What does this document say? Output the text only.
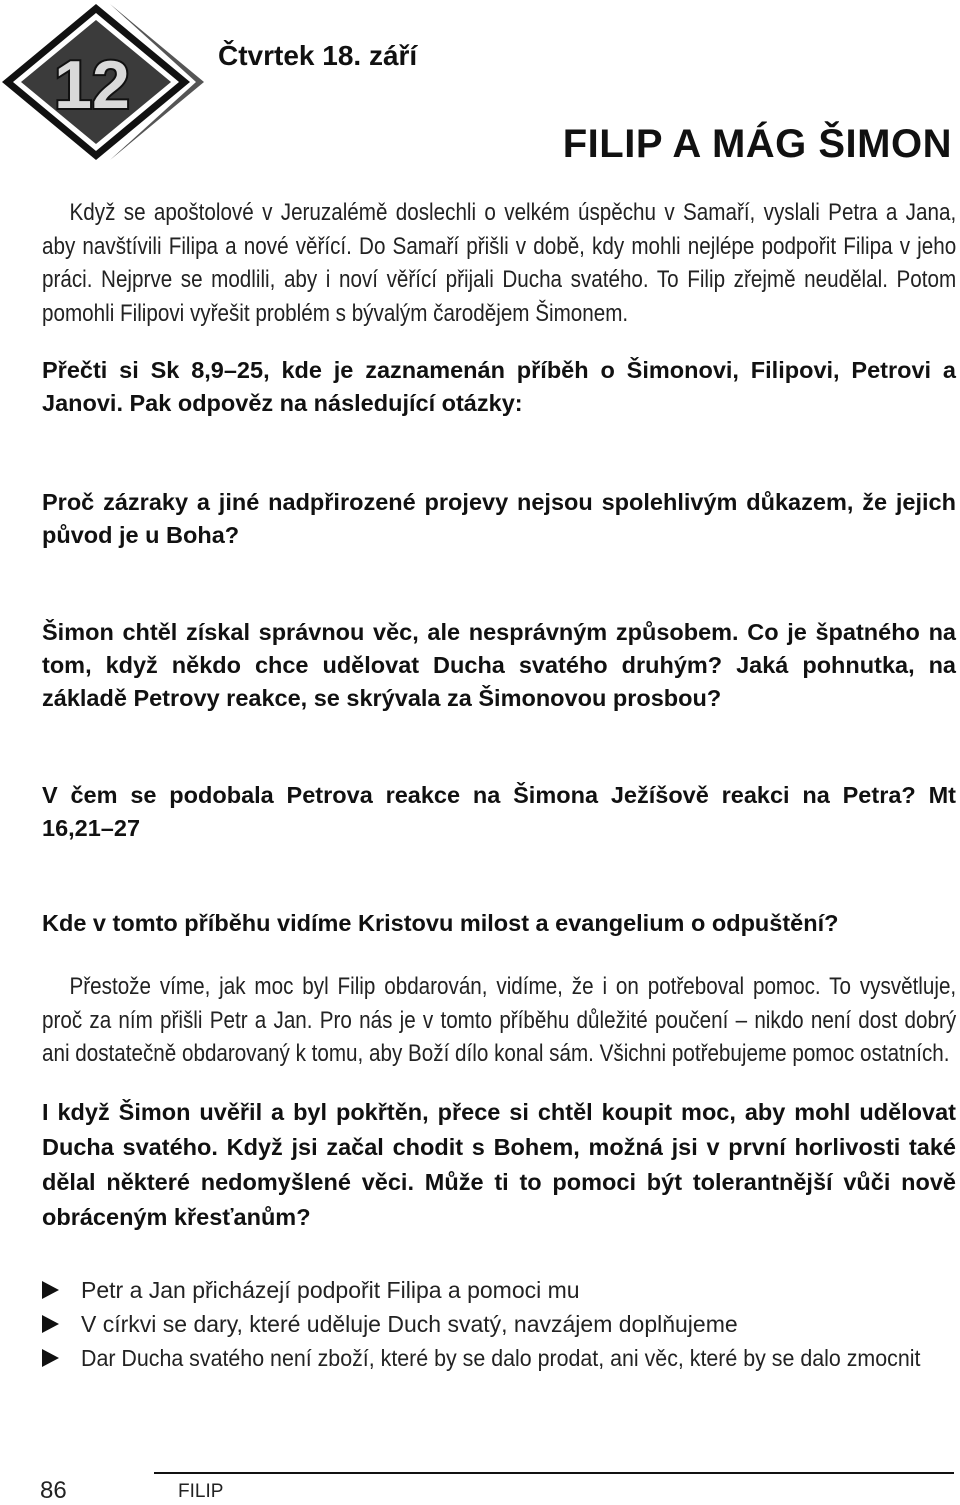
12	Čtvrtek 18. září
FILIP A MÁG ŠIMON

Když se apoštolové v Jeruzalémě doslechli o velkém úspěchu v Samaří, vyslali Petra a Jana, aby navštívili Filipa a nové věřící. Do Samaří přišli v době, kdy mohli nejlépe podpořit Filipa v jeho práci. Nejprve se modlili, aby i noví věřící přijali Ducha svatého. To Filip zřejmě neudělal. Potom pomohli Filipovi vyřešit problém s bývalým čarodějem Šimonem.

Přečti si Sk 8,9–25, kde je zaznamenán příběh o Šimonovi, Filipovi, Petrovi a Janovi. Pak odpověz na následující otázky:

Proč zázraky a jiné nadpřirozené projevy nejsou spolehlivým důkazem, že jejich původ je u Boha?

Šimon chtěl získal správnou věc, ale nesprávným způsobem. Co je špatného na tom, když někdo chce udělovat Ducha svatého druhým? Jaká pohnutka, na základě Petrovy reakce, se skrývala za Šimonovou prosbou?

V čem se podobala Petrova reakce na Šimona Ježíšově reakci na Petra? Mt 16,21–27

Kde v tomto příběhu vidíme Kristovu milost a evangelium o odpuštění?

Přestože víme, jak moc byl Filip obdarován, vidíme, že i on potřeboval pomoc. To vysvětluje, proč za ním přišli Petr a Jan. Pro nás je v tomto příběhu důležité poučení – nikdo není dost dobrý ani dostatečně obdarovaný k tomu, aby Boží dílo konal sám. Všichni potřebujeme pomoc ostatních.

I když Šimon uvěřil a byl pokřtěn, přece si chtěl koupit moc, aby mohl udělovat Ducha svatého. Když jsi začal chodit s Bohem, možná jsi v první horlivosti také dělal některé nedomyšlené věci. Může ti to pomoci být tolerantnější vůči nově obráceným křesťanům?

Petr a Jan přicházejí podpořit Filipa a pomoci mu
V církvi se dary, které uděluje Duch svatý, navzájem doplňujeme
Dar Ducha svatého není zboží, které by se dalo prodat, ani věc, které by se dalo zmocnit
86	FILIP
